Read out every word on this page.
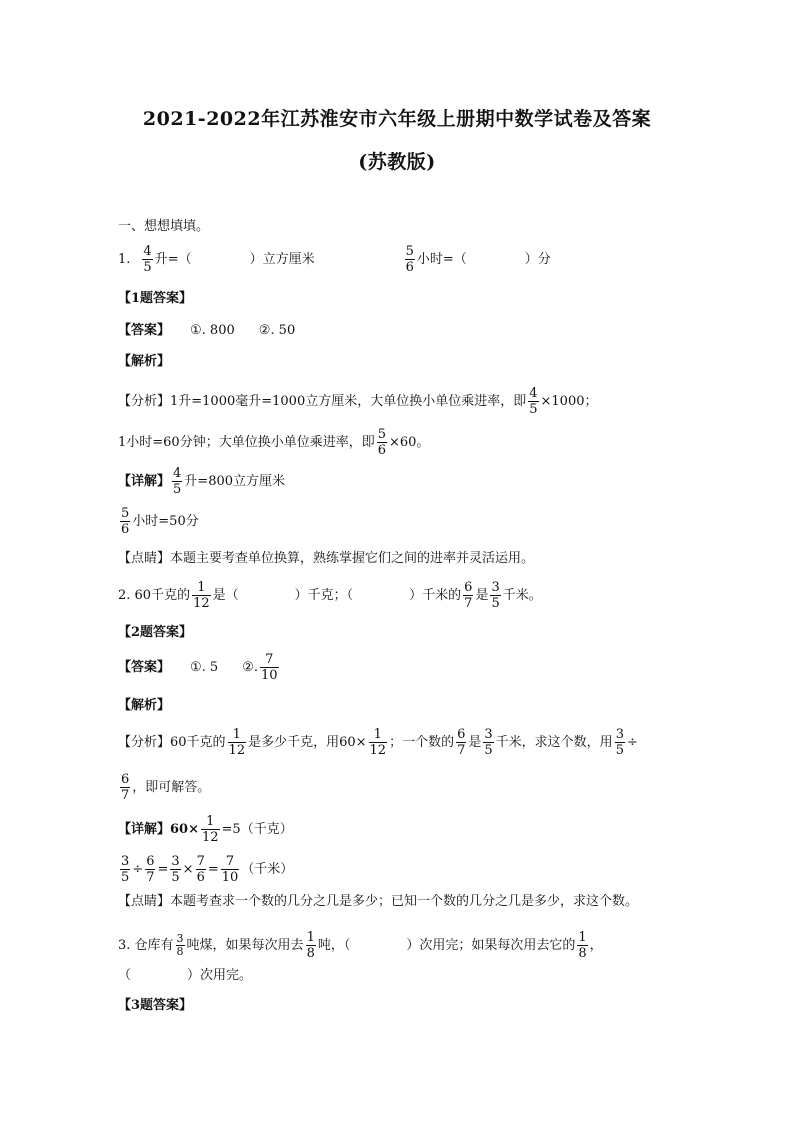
2021-2022年江苏淮安市六年级上册期中数学试卷及答案
(苏教版)
一、想想填填。
1. $\frac{4}{5}$ 升=（	）立方厘米	$\frac{5}{6}$ 小时=（	）分
【1题答案】
【答案】 ①. 800 ②. 50
【解析】
【分析】1升=1000毫升=1000立方厘米，大单位换小单位乘进率，即 $\frac{4}{5} \times 1000$；
1小时=60分钟；大单位换小单位乘进率，即 $\frac{5}{6} \times 60$。
【详解】 $\frac{4}{5}$ 升=800立方厘米
$\frac{5}{6}$ 小时=50分
【点睛】本题主要考查单位换算，熟练掌握它们之间的进率并灵活运用。
2. 60千克的 $\frac{1}{12}$ 是（	）千克；（	）千米的 $\frac{6}{7}$ 是 $\frac{3}{5}$ 千米。
【2题答案】
【答案】 ①. 5 ②. $\frac{7}{10}$
【解析】
【分析】60千克的 $\frac{1}{12}$ 是多少千克，用$60\times \frac{1}{12}$ ；一个数的 $\frac{6}{7}$ 是 $\frac{3}{5}$ 千米，求这个数，用 $\frac{3}{5}$ ÷
$\frac{6}{7}$ ，即可解答。
【详解】$60\times \frac{1}{12} =5$（千克）
$\frac{3}{5} \div \frac{6}{7} = \frac{3}{5} \times \frac{7}{6} = \frac{7}{10}$ （千米）
【点睛】本题考查求一个数的几分之几是多少；已知一个数的几分之几是多少，求这个数。
3. 仓库有 $\frac{3}{8}$ 吨煤，如果每次用去 $\frac{1}{8}$ 吨，（	）次用完；如果每次用去它的 $\frac{1}{8}$ ，
（	）次用完。
【3题答案】
